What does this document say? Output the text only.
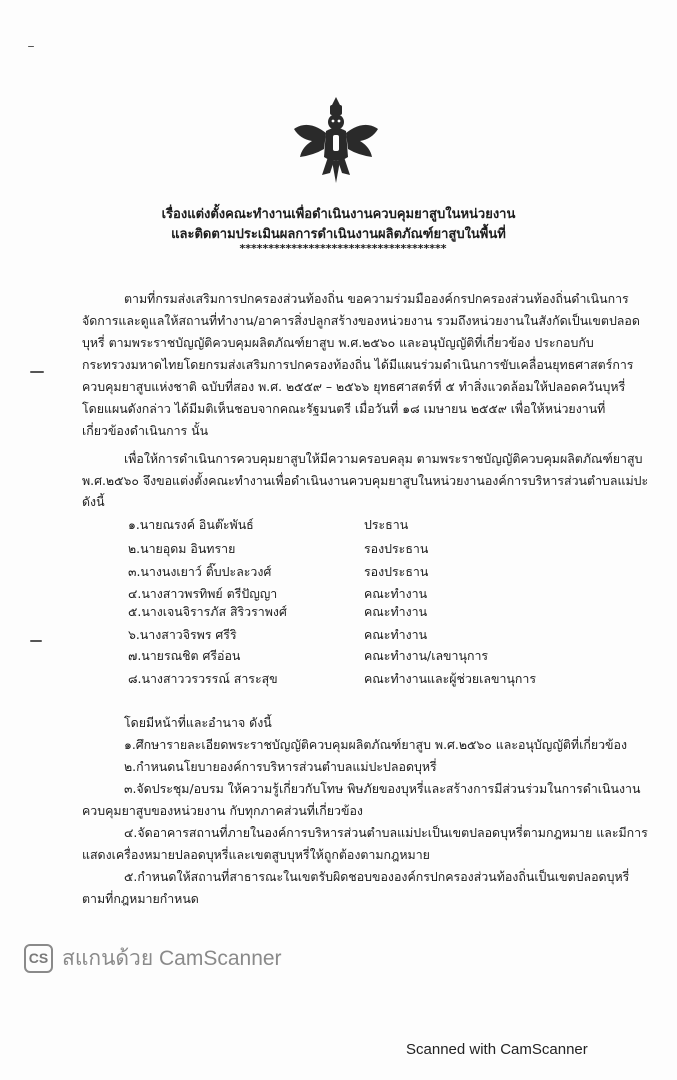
เรื่องแต่งตั้งคณะทำงานเพื่อดำเนินงานควบคุมยาสูบในหน่วยงาน
และติดตามประเมินผลการดำเนินงานผลิตภัณฑ์ยาสูบในพื้นที่
************************************
ตามที่กรมส่งเสริมการปกครองส่วนท้องถิ่น ขอความร่วมมือองค์กรปกครองส่วนท้องถิ่นดำเนินการ
จัดการและดูแลให้สถานที่ทำงาน/อาคารสิ่งปลูกสร้างของหน่วยงาน รวมถึงหน่วยงานในสังกัดเป็นเขตปลอด
บุหรี่ ตามพระราชบัญญัติควบคุมผลิตภัณฑ์ยาสูบ พ.ศ.๒๕๖๐ และอนุบัญญัติที่เกี่ยวข้อง ประกอบกับ
กระทรวงมหาดไทยโดยกรมส่งเสริมการปกครองท้องถิ่น ได้มีแผนร่วมดำเนินการขับเคลื่อนยุทธศาสตร์การ
ควบคุมยาสูบแห่งชาติ ฉบับที่สอง พ.ศ. ๒๕๕๙ – ๒๕๖๖ ยุทธศาสตร์ที่ ๕ ทำสิ่งแวดล้อมให้ปลอดควันบุหรี่
โดยแผนดังกล่าว ได้มีมติเห็นชอบจากคณะรัฐมนตรี เมื่อวันที่ ๑๘ เมษายน ๒๕๕๙ เพื่อให้หน่วยงานที่
เกี่ยวข้องดำเนินการ นั้น
เพื่อให้การดำเนินการควบคุมยาสูบให้มีความครอบคลุม ตามพระราชบัญญัติควบคุมผลิตภัณฑ์ยาสูบ
พ.ศ.๒๕๖๐ จึงขอแต่งตั้งคณะทำงานเพื่อดำเนินงานควบคุมยาสูบในหน่วยงานองค์การบริหารส่วนตำบลแม่ปะ
ดังนี้
๑.นายณรงค์ อินต๊ะพันธ์	ประธาน
๒.นายอุดม อินทราย	รองประธาน
๓.นางนงเยาว์ ติ๊บปะละวงศ์	รองประธาน
๔.นางสาวพรทิพย์ ตรีปัญญา	คณะทำงาน
๕.นางเจนจิรารภัส สิริวราพงศ์	คณะทำงาน
๖.นางสาวจิรพร ศรีริ	คณะทำงาน
๗.นายรณชิต ศรีอ่อน	คณะทำงาน/เลขานุการ
๘.นางสาววรวรรณ์ สาระสุข	คณะทำงานและผู้ช่วยเลขานุการ
โดยมีหน้าที่และอำนาจ ดังนี้
๑.ศึกษารายละเอียดพระราชบัญญัติควบคุมผลิตภัณฑ์ยาสูบ พ.ศ.๒๕๖๐ และอนุบัญญัติที่เกี่ยวข้อง
๒.กำหนดนโยบายองค์การบริหารส่วนตำบลแม่ปะปลอดบุหรี่
๓.จัดประชุม/อบรม ให้ความรู้เกี่ยวกับโทษ พิษภัยของบุหรี่และสร้างการมีส่วนร่วมในการดำเนินงาน
ควบคุมยาสูบของหน่วยงาน กับทุกภาคส่วนที่เกี่ยวข้อง
๔.จัดอาคารสถานที่ภายในองค์การบริหารส่วนตำบลแม่ปะเป็นเขตปลอดบุหรี่ตามกฎหมาย และมีการ
แสดงเครื่องหมายปลอดบุหรี่และเขตสูบบุหรี่ให้ถูกต้องตามกฎหมาย
๕.กำหนดให้สถานที่สาธารณะในเขตรับผิดชอบขององค์กรปกครองส่วนท้องถิ่นเป็นเขตปลอดบุหรี่
ตามที่กฎหมายกำหนด
CS สแกนด้วย CamScanner
Scanned with CamScanner
